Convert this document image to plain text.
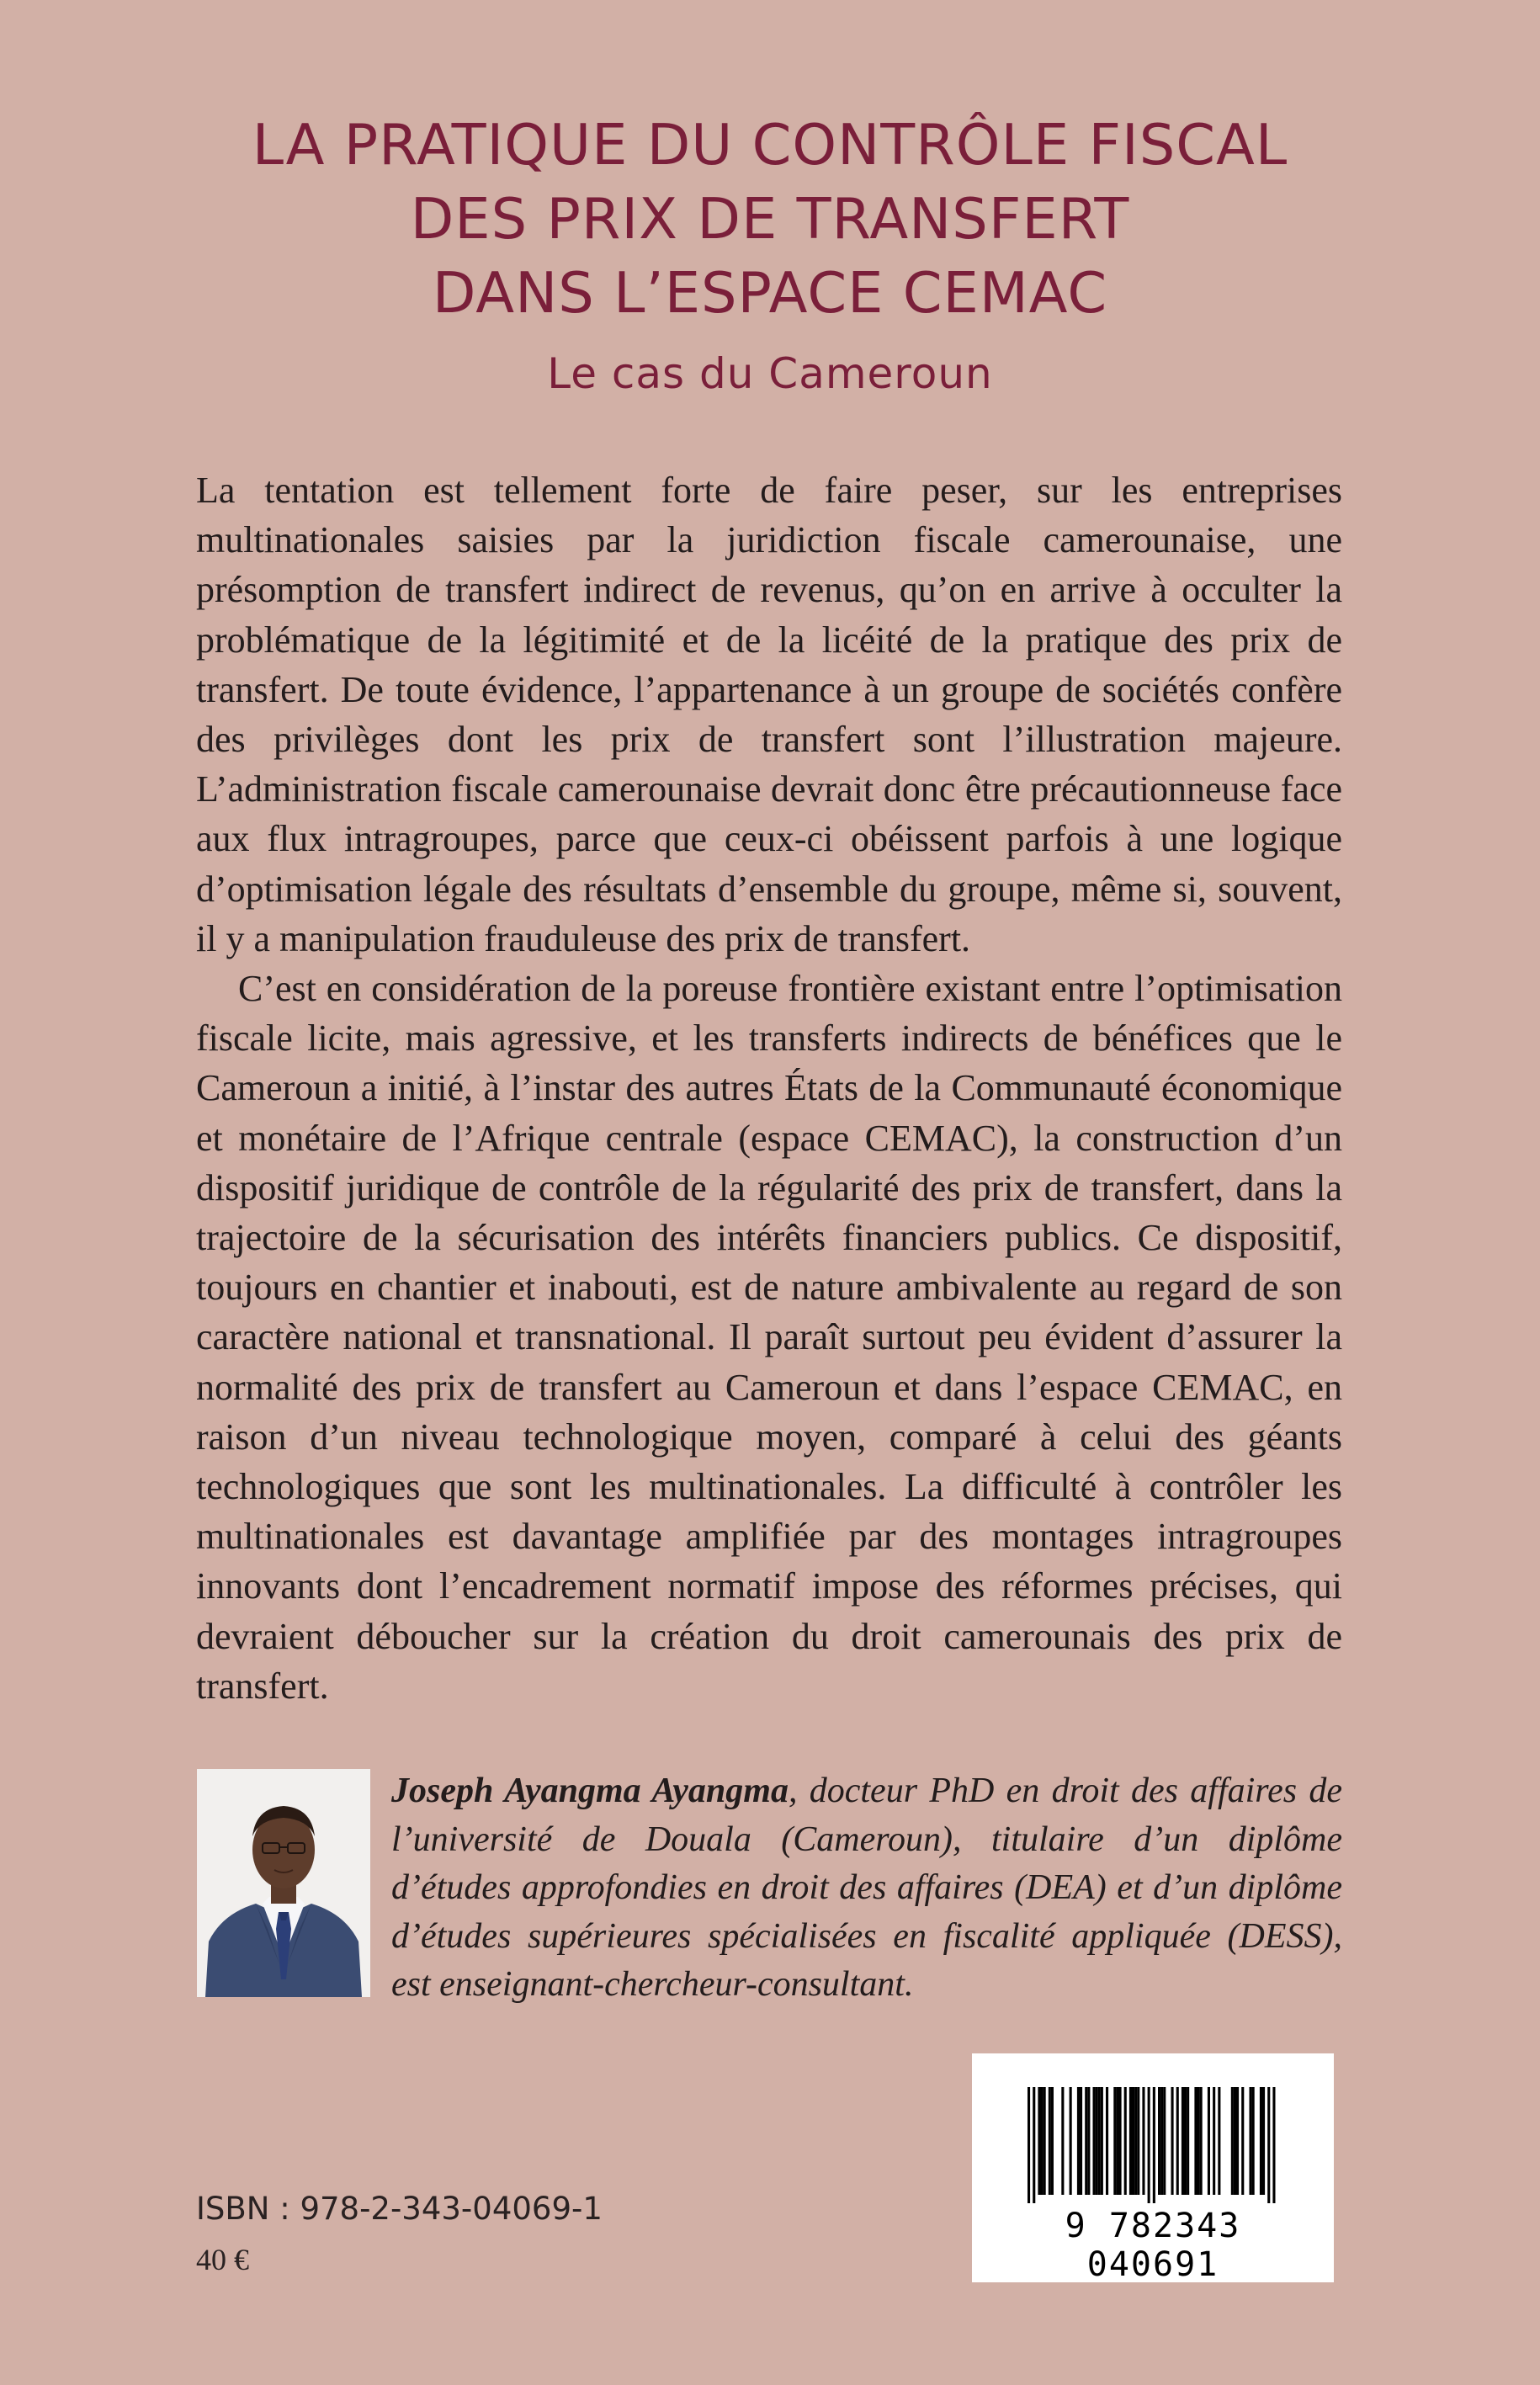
LA PRATIQUE DU CONTRÔLE FISCAL
DES PRIX DE TRANSFERT
DANS L’ESPACE CEMAC
Le cas du Cameroun

La tentation est tellement forte de faire peser, sur les entreprises multinationales saisies par la juridiction fiscale camerounaise, une présomption de transfert indirect de revenus, qu’on en arrive à occulter la problématique de la légitimité et de la licéité de la pratique des prix de transfert. De toute évidence, l’appartenance à un groupe de sociétés confère des privilèges dont les prix de transfert sont l’illustration majeure. L’administration fiscale camerounaise devrait donc être précautionneuse face aux flux intragroupes, parce que ceux-ci obéissent parfois à une logique d’optimisation légale des résultats d’ensemble du groupe, même si, souvent, il y a manipulation frauduleuse des prix de transfert.

C’est en considération de la poreuse frontière existant entre l’optimisation fiscale licite, mais agressive, et les transferts indirects de bénéfices que le Cameroun a initié, à l’instar des autres États de la Communauté économique et monétaire de l’Afrique centrale (espace CEMAC), la construction d’un dispositif juridique de contrôle de la régularité des prix de transfert, dans la trajectoire de la sécurisation des intérêts financiers publics. Ce dispositif, toujours en chantier et inabouti, est de nature ambivalente au regard de son caractère national et transnational. Il paraît surtout peu évident d’assurer la normalité des prix de transfert au Cameroun et dans l’espace CEMAC, en raison d’un niveau technologique moyen, comparé à celui des géants technologiques que sont les multinationales. La difficulté à contrôler les multinationales est davantage amplifiée par des montages intragroupes innovants dont l’encadrement normatif impose des réformes précises, qui devraient déboucher sur la création du droit camerounais des prix de transfert.

Joseph Ayangma Ayangma, docteur PhD en droit des affaires de l’université de Douala (Cameroun), titulaire d’un diplôme d’études approfondies en droit des affaires (DEA) et d’un diplôme d’études supérieures spécialisées en fiscalité appliquée (DESS), est enseignant-chercheur-consultant.

ISBN : 978-2-343-04069-1
40 €
9 782343 040691
